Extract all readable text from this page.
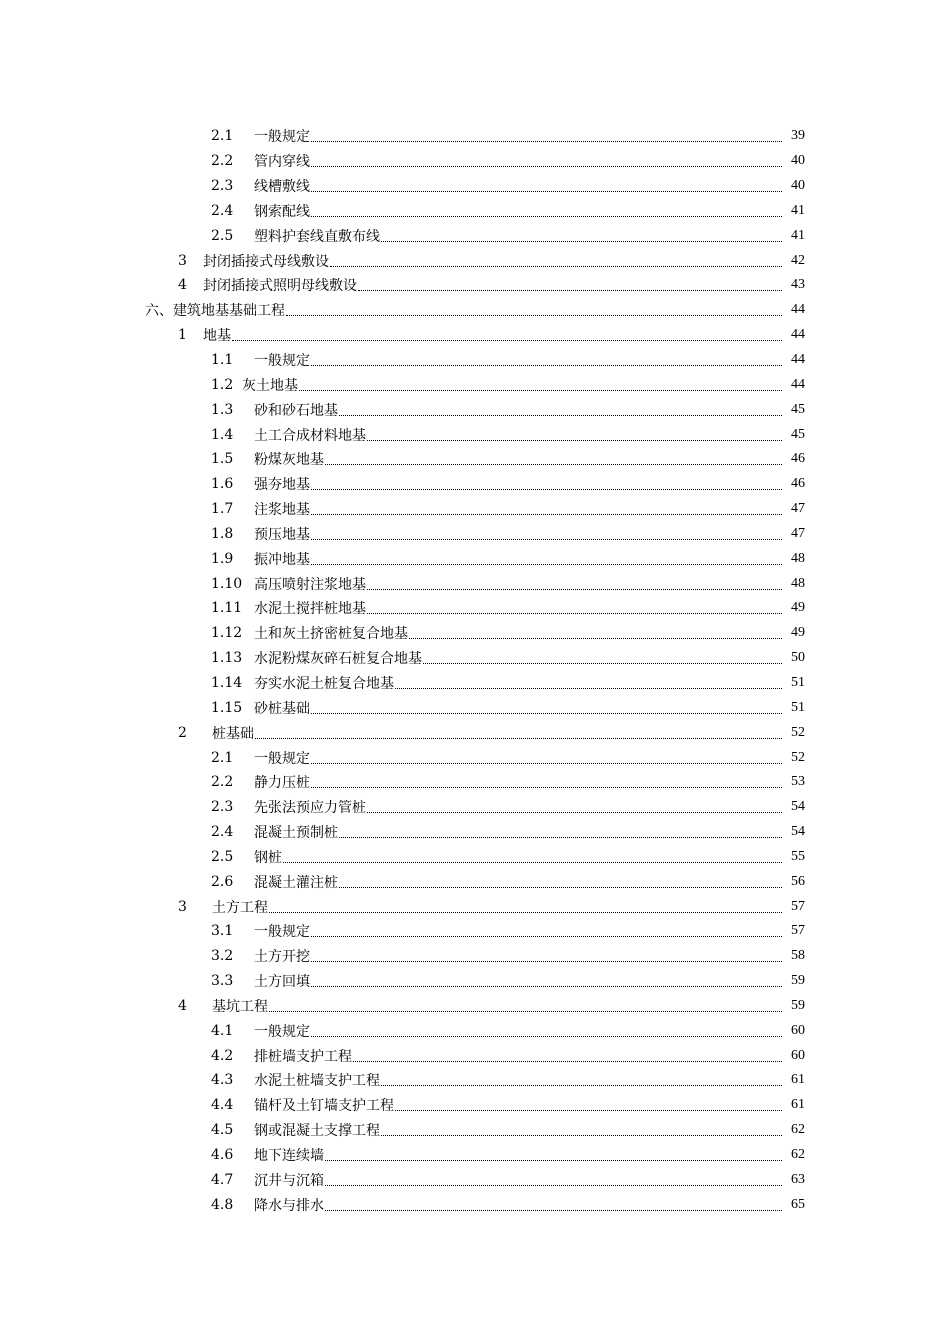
2.1	一般规定	39
2.2	管内穿线	40
2.3	线槽敷线	40
2.4	钢索配线	41
2.5	塑料护套线直敷布线	41
3	封闭插接式母线敷设	42
4	封闭插接式照明母线敷设	43
六、 建筑地基基础工程	44
1	地基	44
1.1	一般规定	44
1.2 灰土地基	44
1.3	砂和砂石地基	45
1.4	土工合成材料地基	45
1.5	粉煤灰地基	46
1.6	强夯地基	46
1.7	注浆地基	47
1.8	预压地基	47
1.9	振冲地基	48
1.10 高压喷射注浆地基	48
1.11 水泥土搅拌桩地基	49
1.12 土和灰土挤密桩复合地基	49
1.13 水泥粉煤灰碎石桩复合地基	50
1.14 夯实水泥土桩复合地基	51
1.15 砂桩基础	51
2	桩基础	52
2.1	一般规定	52
2.2	静力压桩	53
2.3	先张法预应力管桩	54
2.4	混凝土预制桩	54
2.5	钢桩	55
2.6	混凝土灌注桩	56
3	土方工程	57
3.1	一般规定	57
3.2	土方开挖	58
3.3	土方回填	59
4	基坑工程	59
4.1	一般规定	60
4.2	排桩墙支护工程	60
4.3	水泥土桩墙支护工程	61
4.4	锚杆及土钉墙支护工程	61
4.5	钢或混凝土支撑工程	62
4.6	地下连续墙	62
4.7	沉井与沉箱	63
4.8	降水与排水	65
